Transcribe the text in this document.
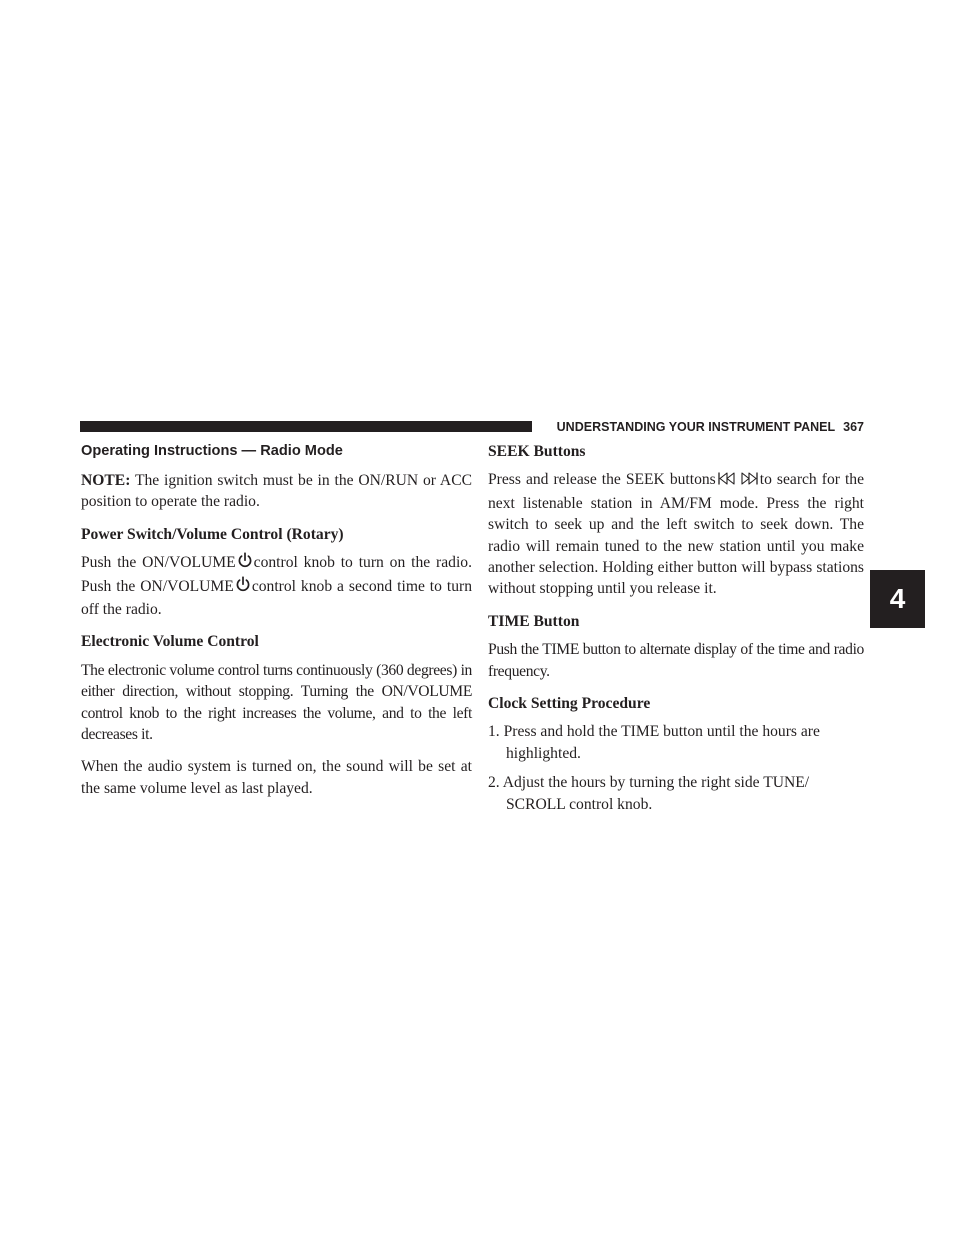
UNDERSTANDING YOUR INSTRUMENT PANEL 367
4
Operating Instructions — Radio Mode

NOTE: The ignition switch must be in the ON/RUN or ACC position to operate the radio.

Power Switch/Volume Control (Rotary)

Push the ON/VOLUME control knob to turn on the radio. Push the ON/VOLUME control knob a second time to turn off the radio.

Electronic Volume Control

The electronic volume control turns continuously (360 degrees) in either direction, without stopping. Turning the ON/VOLUME control knob to the right increases the volume, and to the left decreases it.

When the audio system is turned on, the sound will be set at the same volume level as last played.

SEEK Buttons

Press and release the SEEK buttons	to search for the next listenable station in AM/FM mode. Press the right switch to seek up and the left switch to seek down. The radio will remain tuned to the new station until you make another selection. Holding either button will bypass stations without stopping until you release it.

TIME Button

Push the TIME button to alternate display of the time and radio frequency.

Clock Setting Procedure
1. Press and hold the TIME button until the hours are highlighted.
2. Adjust the hours by turning the right side TUNE/ SCROLL control knob.
